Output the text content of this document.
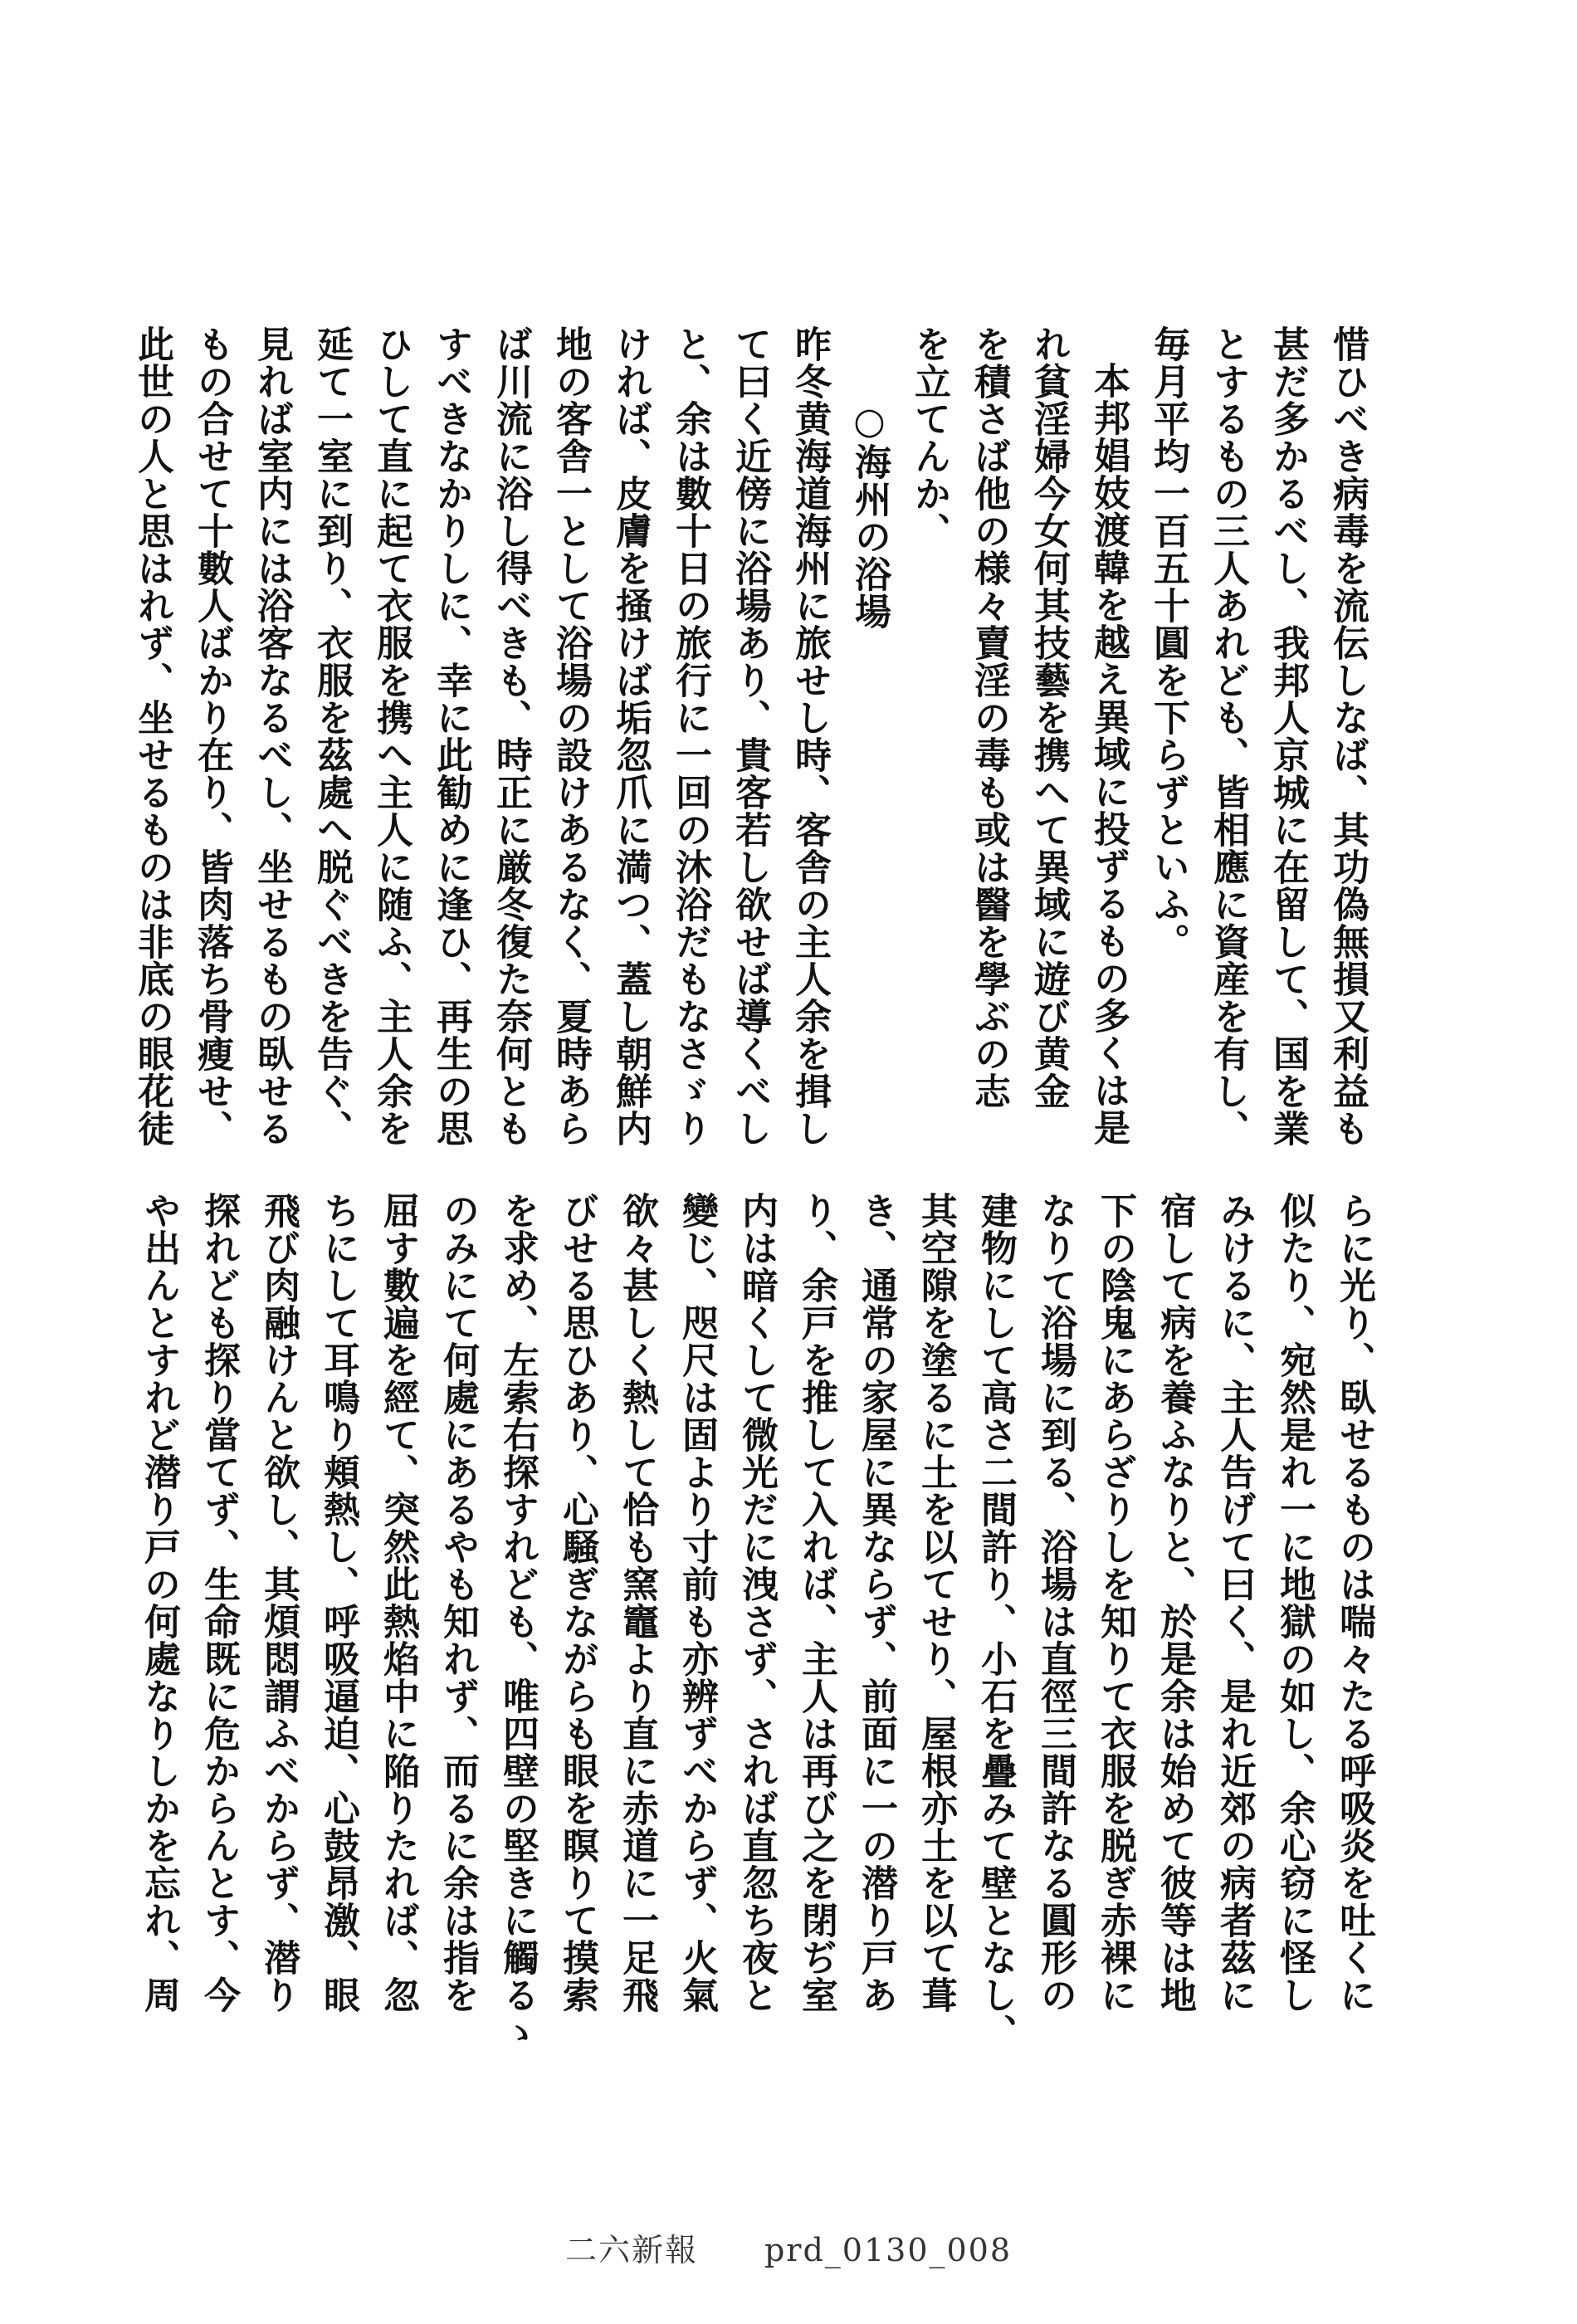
惜ひべき病毒を流伝しなば、其功偽無損又利益も
甚だ多かるべし、我邦人京城に在留して、国を業
とするもの三人あれども、皆相應に資産を有し、
毎月平均一百五十圓を下らずといふ。
本邦娼妓渡韓を越え異域に投ずるもの多くは是
れ貧淫婦今女何其技藝を携へて異域に遊び黄金
を積さば他の様々賣淫の毒も或は醫を學ぶの志
を立てんか、
○海州の浴場
昨冬黄海道海州に旅せし時、客舎の主人余を揖し
て曰く近傍に浴場あり、貴客若し欲せば導くべし
と、余は數十日の旅行に一回の沐浴だもなさゞり
ければ、皮膚を掻けば垢忽爪に満つ、蓋し朝鮮内
地の客舎一として浴場の設けあるなく、夏時あら
ば川流に浴し得べきも、時正に厳冬復た奈何とも
すべきなかりしに、幸に此勧めに逢ひ、再生の思
ひして直に起て衣服を携へ主人に随ふ、主人余を
延て一室に到り、衣服を茲處へ脱ぐべきを告ぐ、
見れば室内には浴客なるべし、坐せるもの臥せる
もの合せて十數人ばかり在り、皆肉落ち骨瘦せ、
此世の人と思はれず、坐せるものは非底の眼花徒
らに光り、臥せるものは喘々たる呼吸炎を吐くに
似たり、宛然是れ一に地獄の如し、余心窃に怪し
みけるに、主人告げて曰く、是れ近郊の病者茲に
宿して病を養ふなりと、於是余は始めて彼等は地
下の陰鬼にあらざりしを知りて衣服を脱ぎ赤裸に
なりて浴場に到る、浴場は直徑三間許なる圓形の
建物にして高さ二間許り、小石を疊みて壁となし、
其空隙を塗るに土を以てせり、屋根亦土を以て葺
き、通常の家屋に異ならず、前面に一の潜り戸あ
り、余戸を推して入れば、主人は再び之を閉ぢ室
内は暗くして微光だに洩さず、されば直忽ち夜と
變じ、咫尺は固より寸前も亦辨ずべからず、火氣
欲々甚しく熱して恰も窯竈より直に赤道に一足飛
びせる思ひあり、心騒ぎながらも眼を瞑りて摸索
を求め、左索右探すれども、唯四壁の堅きに觸るゝ
のみにて何處にあるやも知れず、而るに余は指を
屈す數遍を經て、突然此熱焰中に陥りたれば、忽
ちにして耳鳴り頬熱し、呼吸逼迫、心鼓昂激、眼
飛び肉融けんと欲し、其煩悶謂ふべからず、潜り
探れども探り當てず、生命既に危からんとす、今
や出んとすれど潜り戸の何處なりしかを忘れ、周
二六新報　　prd_0130_008
